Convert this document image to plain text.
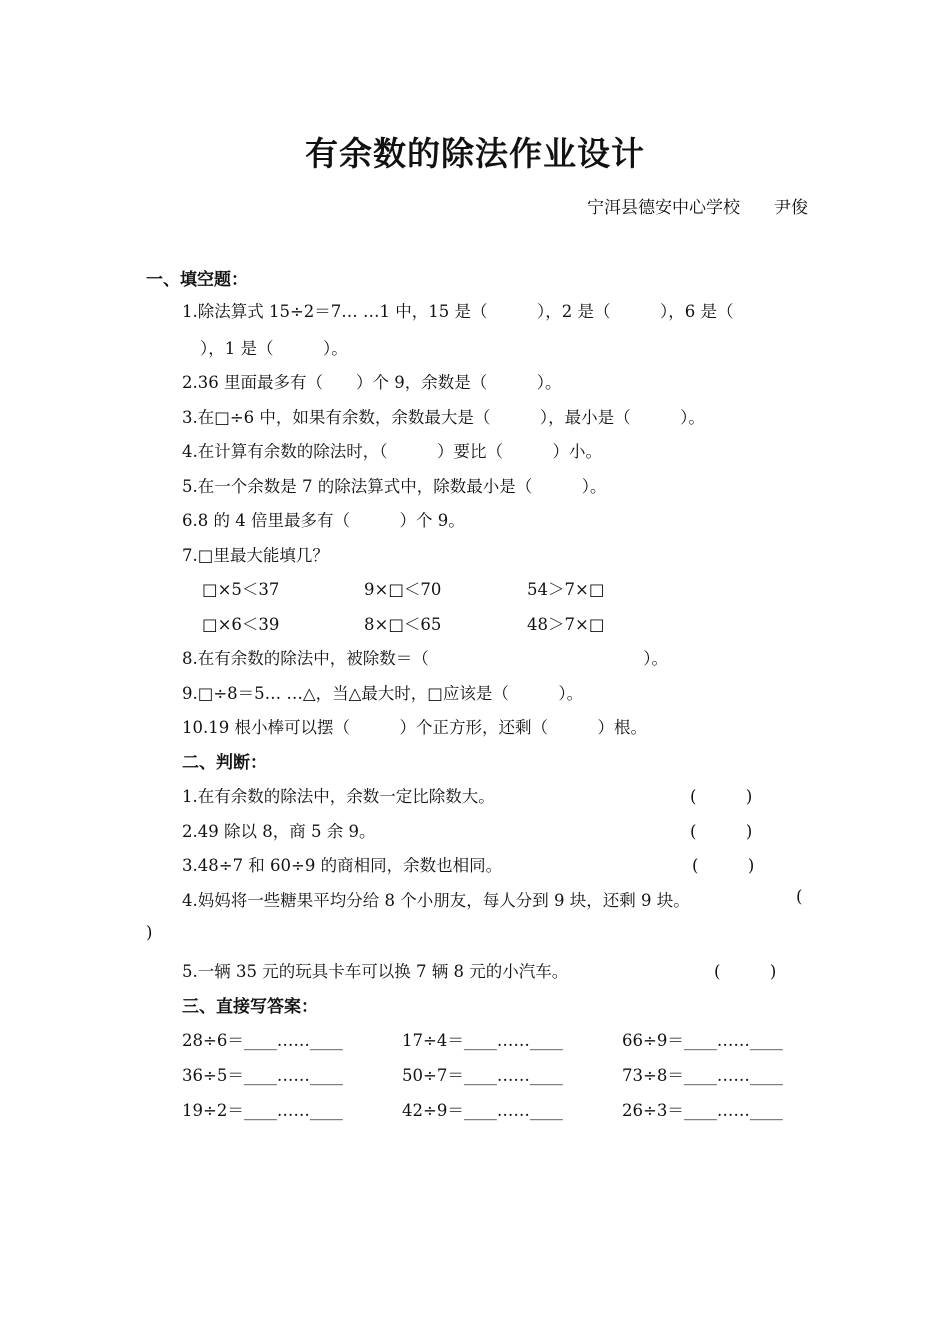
有余数的除法作业设计
宁洱县德安中心学校　　尹俊
一、填空题：
1.除法算式 15÷2＝7… …1 中，15 是（　　　），2 是（　　　），6 是（
），1 是（　　　）。
2.36 里面最多有（　　）个 9，余数是（　　　）。
3.在□÷6 中，如果有余数，余数最大是（　　　），最小是（　　　）。
4.在计算有余数的除法时，（　　　）要比（　　　）小。
5.在一个余数是 7 的除法算式中，除数最小是（　　　）。
6.8 的 4 倍里最多有（　　　）个 9。
7.□里最大能填几？
□×5＜37	9×□＜70	54＞7×□
□×6＜39	8×□＜65	48＞7×□
8.在有余数的除法中，被除数＝（　　　　　　　　　　　　　）。
9.□÷8＝5… …△，当△最大时，□应该是（　　　）。
10.19 根小棒可以摆（　　　）个正方形，还剩（　　　）根。
二、判断：
1.在有余数的除法中，余数一定比除数大。	(　　　)
2.49 除以 8，商 5 余 9。	(　　　)
3.48÷7 和 60÷9 的商相同，余数也相同。	(　　　)
4.妈妈将一些糖果平均分给 8 个小朋友，每人分到 9 块，还剩 9 块。	(
)
5.一辆 35 元的玩具卡车可以换 7 辆 8 元的小汽车。	(　　　)
三、直接写答案：
28÷6＝____……____	17÷4＝____……____	66÷9＝____……____
36÷5＝____……____	50÷7＝____……____	73÷8＝____……____
19÷2＝____……____	42÷9＝____……____	26÷3＝____……____
